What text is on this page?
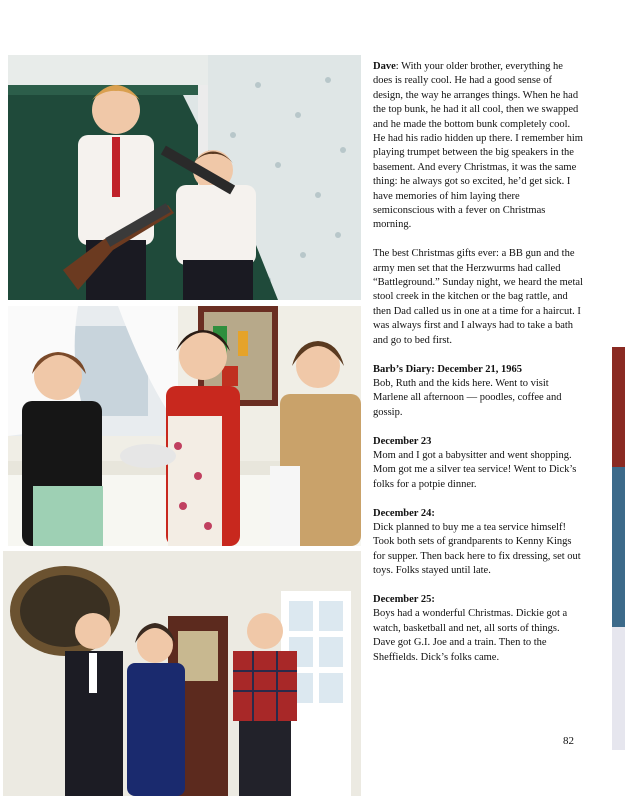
Dave: With your older brother, everything he does is really cool. He had a good sense of design, the way he arranges things. When he had the top bunk, he had it all cool, then we swapped and he made the bottom bunk completely cool. He had his radio hidden up there. I remember him playing trumpet between the big speakers in the basement. And every Christmas, it was the same thing: he always got so excited, he’d get sick. I have memories of him laying there semiconscious with a fever on Christmas morning.

The best Christmas gifts ever: a BB gun and the army men set that the Herzwurms had called “Battleground.” Sunday night, we heard the metal stool creek in the kitchen or the bag rattle, and then Dad called us in one at a time for a haircut. I was always first and I always had to take a bath and go to bed first.

Barb’s Diary: December 21, 1965
Bob, Ruth and the kids here. Went to visit Marlene all afternoon — poodles, coffee and gossip.

December 23
Mom and I got a babysitter and went shopping. Mom got me a silver tea service! Went to Dick’s folks for a potpie dinner.

December 24:
Dick planned to buy me a tea service himself! Took both sets of grandparents to Kenny Kings for supper. Then back here to fix dressing, set out toys. Folks stayed until late.

December 25:
Boys had a wonderful Christmas. Dickie got a watch, basketball and net, all sorts of things. Dave got G.I. Joe and a train. Then to the Sheffields. Dick’s folks came.

82
